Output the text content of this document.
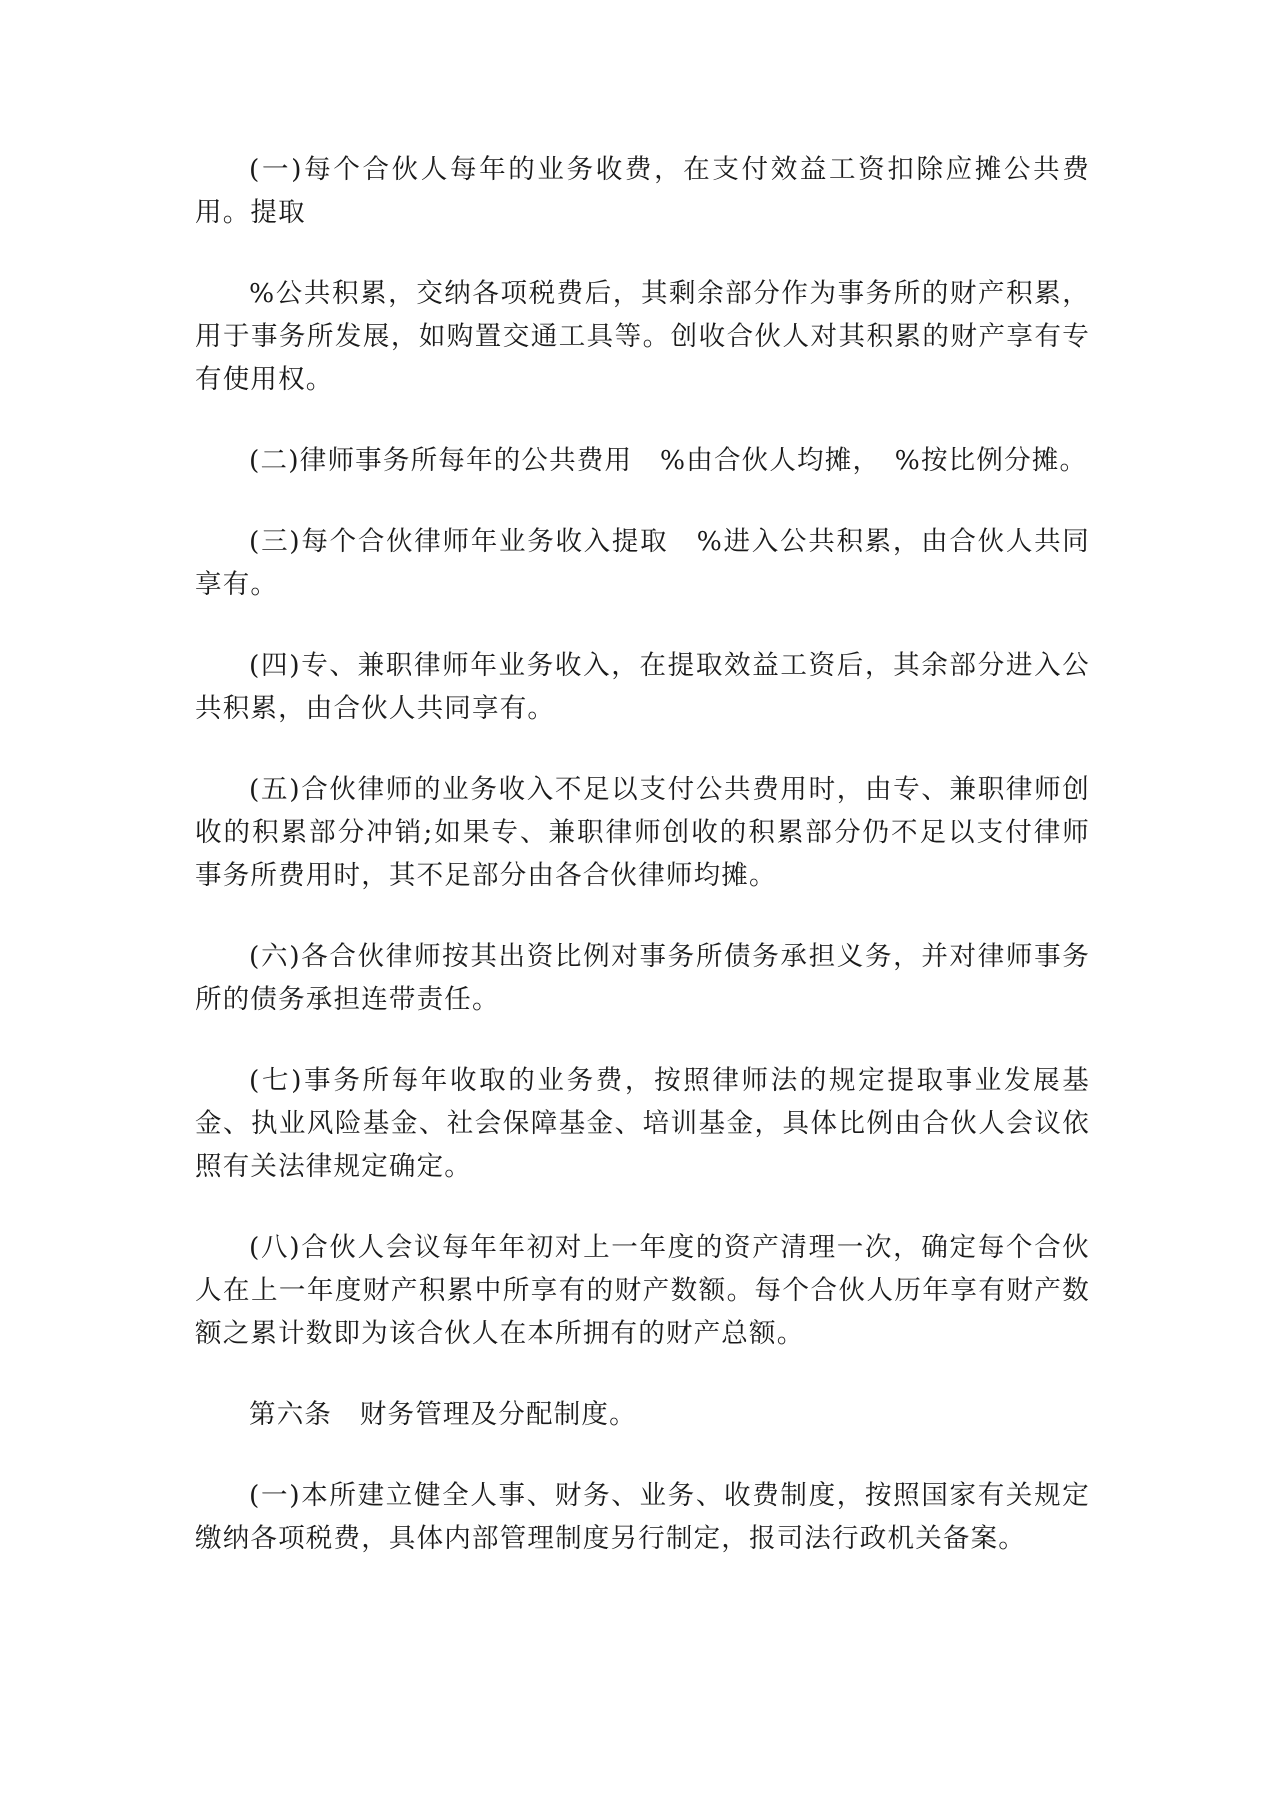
(一)每个合伙人每年的业务收费，在支付效益工资扣除应摊公共费用。提取

%公共积累，交纳各项税费后，其剩余部分作为事务所的财产积累，用于事务所发展，如购置交通工具等。创收合伙人对其积累的财产享有专有使用权。

(二)律师事务所每年的公共费用　%由合伙人均摊，　%按比例分摊。

(三)每个合伙律师年业务收入提取　%进入公共积累，由合伙人共同享有。

(四)专、兼职律师年业务收入，在提取效益工资后，其余部分进入公共积累，由合伙人共同享有。

(五)合伙律师的业务收入不足以支付公共费用时，由专、兼职律师创收的积累部分冲销;如果专、兼职律师创收的积累部分仍不足以支付律师事务所费用时，其不足部分由各合伙律师均摊。

(六)各合伙律师按其出资比例对事务所债务承担义务，并对律师事务所的债务承担连带责任。

(七)事务所每年收取的业务费，按照律师法的规定提取事业发展基金、执业风险基金、社会保障基金、培训基金，具体比例由合伙人会议依照有关法律规定确定。

(八)合伙人会议每年年初对上一年度的资产清理一次，确定每个合伙人在上一年度财产积累中所享有的财产数额。每个合伙人历年享有财产数额之累计数即为该合伙人在本所拥有的财产总额。

第六条　财务管理及分配制度。

(一)本所建立健全人事、财务、业务、收费制度，按照国家有关规定缴纳各项税费，具体内部管理制度另行制定，报司法行政机关备案。
